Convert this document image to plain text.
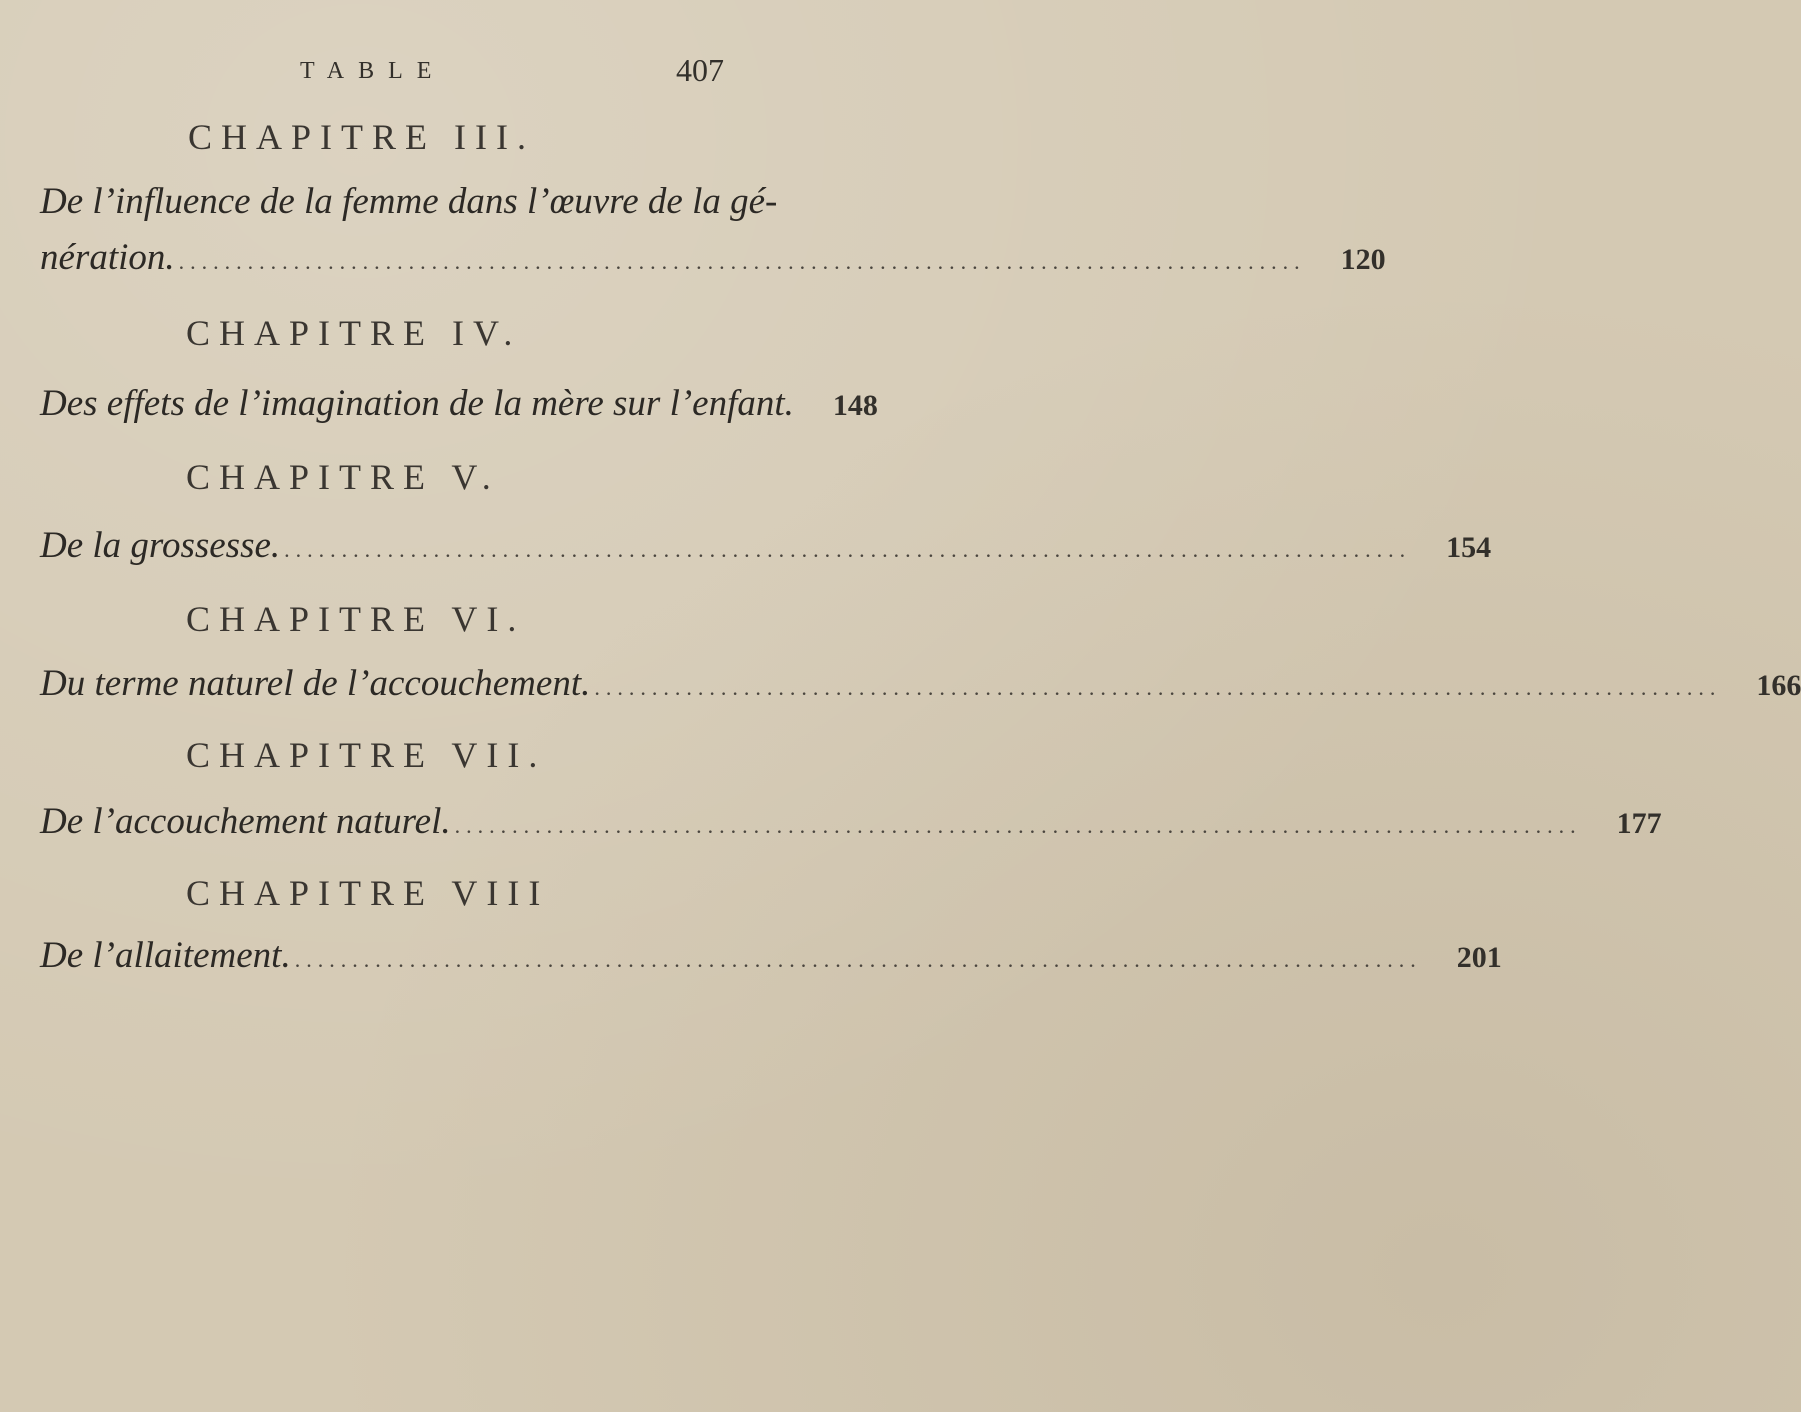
TABLE	407
CHAPITRE III.
De l’influence de la femme dans l’œuvre de la gé-
nération. .....	120
CHAPITRE IV.
Des effets de l’imagination de la mère sur l’enfant.	148
CHAPITRE V.
De la grossesse. .....	154
CHAPITRE VI.
Du terme naturel de l’accouchement. .....	166
CHAPITRE VII.
De l’accouchement naturel. .....	177
CHAPITRE VIII
De l’allaitement. .....	201
